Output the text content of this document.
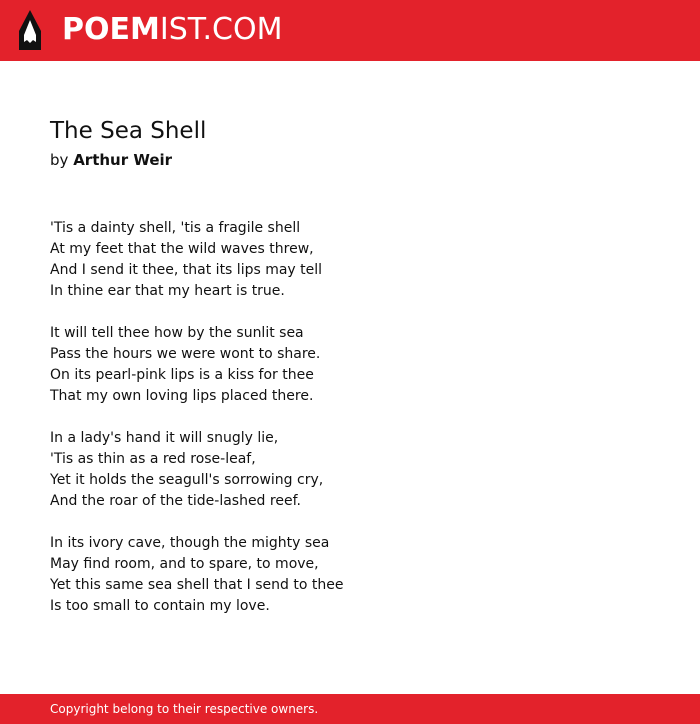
POEMIST.COM
The Sea Shell

by Arthur Weir

'Tis a dainty shell, 'tis a fragile shell
At my feet that the wild waves threw,
And I send it thee, that its lips may tell
In thine ear that my heart is true.
It will tell thee how by the sunlit sea
Pass the hours we were wont to share.
On its pearl-pink lips is a kiss for thee
That my own loving lips placed there.
In a lady's hand it will snugly lie,
'Tis as thin as a red rose-leaf,
Yet it holds the seagull's sorrowing cry,
And the roar of the tide-lashed reef.
In its ivory cave, though the mighty sea
May find room, and to spare, to move,
Yet this same sea shell that I send to thee
Is too small to contain my love.
Copyright belong to their respective owners.
